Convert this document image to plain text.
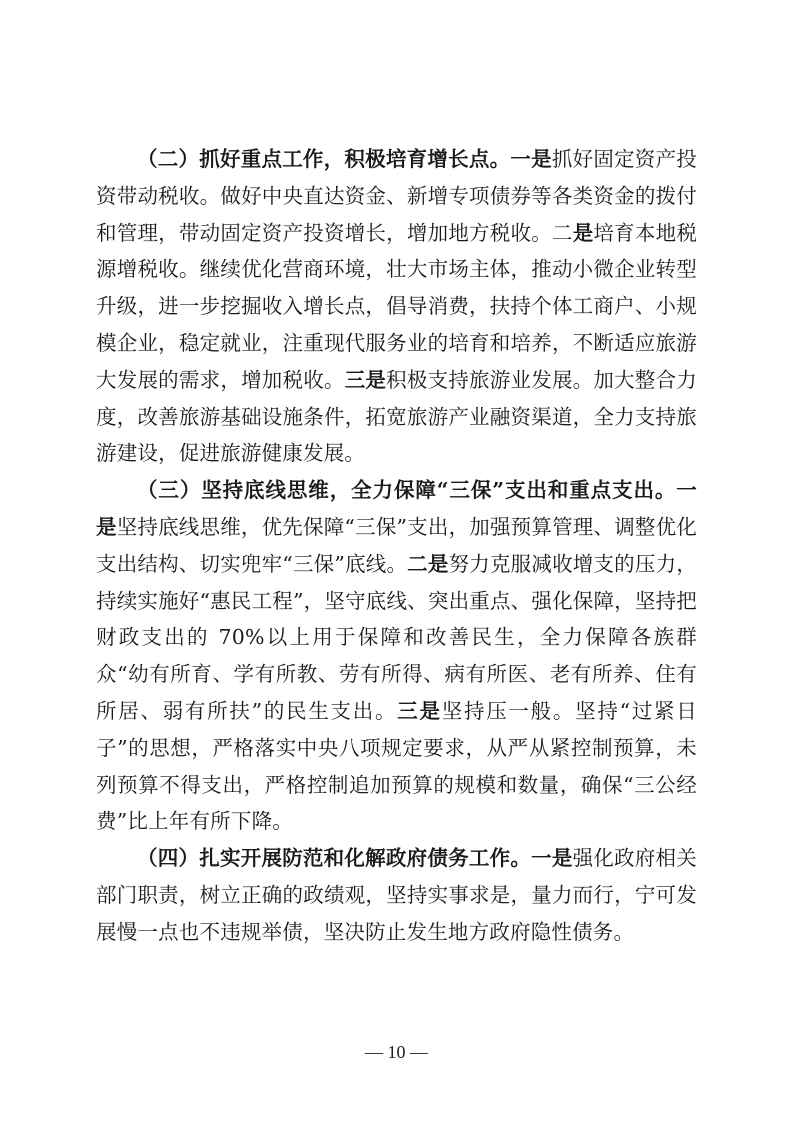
（二）抓好重点工作，积极培育增长点。一是抓好固定资产投资带动税收。做好中央直达资金、新增专项债券等各类资金的拨付和管理，带动固定资产投资增长，增加地方税收。二是培育本地税源增税收。继续优化营商环境，壮大市场主体，推动小微企业转型升级，进一步挖掘收入增长点，倡导消费，扶持个体工商户、小规模企业，稳定就业，注重现代服务业的培育和培养，不断适应旅游大发展的需求，增加税收。三是积极支持旅游业发展。加大整合力度，改善旅游基础设施条件，拓宽旅游产业融资渠道，全力支持旅游建设，促进旅游健康发展。

（三）坚持底线思维，全力保障“三保”支出和重点支出。一是坚持底线思维，优先保障“三保”支出，加强预算管理、调整优化支出结构、切实兜牢“三保”底线。二是努力克服减收增支的压力，持续实施好“惠民工程”，坚守底线、突出重点、强化保障，坚持把财政支出的 70%以上用于保障和改善民生，全力保障各族群众“幼有所育、学有所教、劳有所得、病有所医、老有所养、住有所居、弱有所扶”的民生支出。三是坚持压一般。坚持“过紧日子”的思想，严格落实中央八项规定要求，从严从紧控制预算，未列预算不得支出，严格控制追加预算的规模和数量，确保“三公经费”比上年有所下降。

（四）扎实开展防范和化解政府债务工作。一是强化政府相关部门职责，树立正确的政绩观，坚持实事求是，量力而行，宁可发展慢一点也不违规举债，坚决防止发生地方政府隐性债务。

— 10 —
